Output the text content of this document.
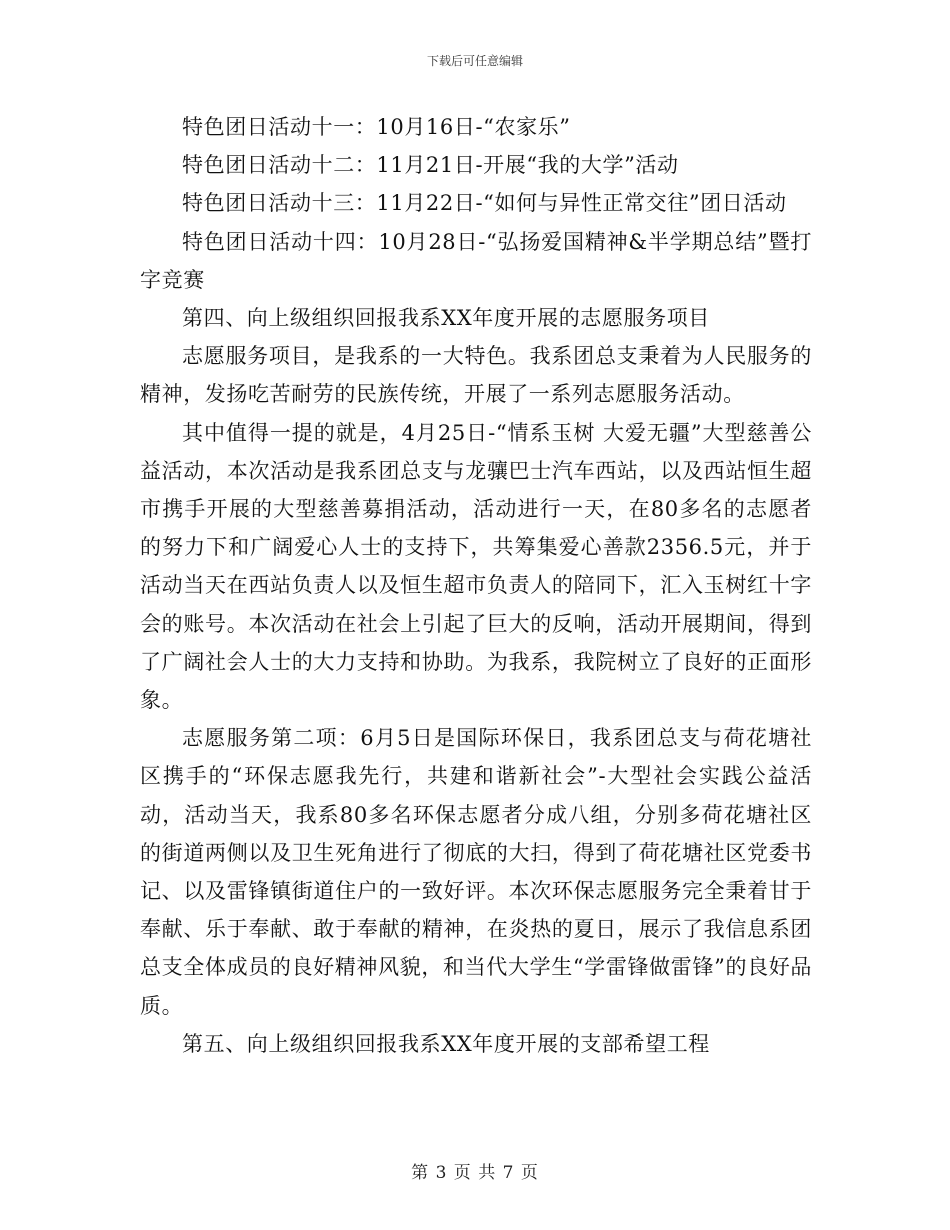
下载后可任意编辑

特色团日活动十一：10月16日-“农家乐”

特色团日活动十二：11月21日-开展“我的大学”活动

特色团日活动十三：11月22日-“如何与异性正常交往”团日活动

特色团日活动十四：10月28日-“弘扬爱国精神&半学期总结”暨打字竞赛

第四、向上级组织回报我系XX年度开展的志愿服务项目

志愿服务项目，是我系的一大特色。我系团总支秉着为人民服务的精神，发扬吃苦耐劳的民族传统，开展了一系列志愿服务活动。

其中值得一提的就是，4月25日-“情系玉树 大爱无疆”大型慈善公益活动，本次活动是我系团总支与龙骧巴士汽车西站，以及西站恒生超市携手开展的大型慈善募捐活动，活动进行一天，在80多名的志愿者的努力下和广阔爱心人士的支持下，共筹集爱心善款2356.5元，并于活动当天在西站负责人以及恒生超市负责人的陪同下，汇入玉树红十字会的账号。本次活动在社会上引起了巨大的反响，活动开展期间，得到了广阔社会人士的大力支持和协助。为我系，我院树立了良好的正面形象。

志愿服务第二项：6月5日是国际环保日，我系团总支与荷花塘社区携手的“环保志愿我先行，共建和谐新社会”-大型社会实践公益活动，活动当天，我系80多名环保志愿者分成八组，分别多荷花塘社区的街道两侧以及卫生死角进行了彻底的大扫，得到了荷花塘社区党委书记、以及雷锋镇街道住户的一致好评。本次环保志愿服务完全秉着甘于奉献、乐于奉献、敢于奉献的精神，在炎热的夏日，展示了我信息系团总支全体成员的良好精神风貌，和当代大学生“学雷锋做雷锋”的良好品质。

第五、向上级组织回报我系XX年度开展的支部希望工程

第 3 页 共 7 页
